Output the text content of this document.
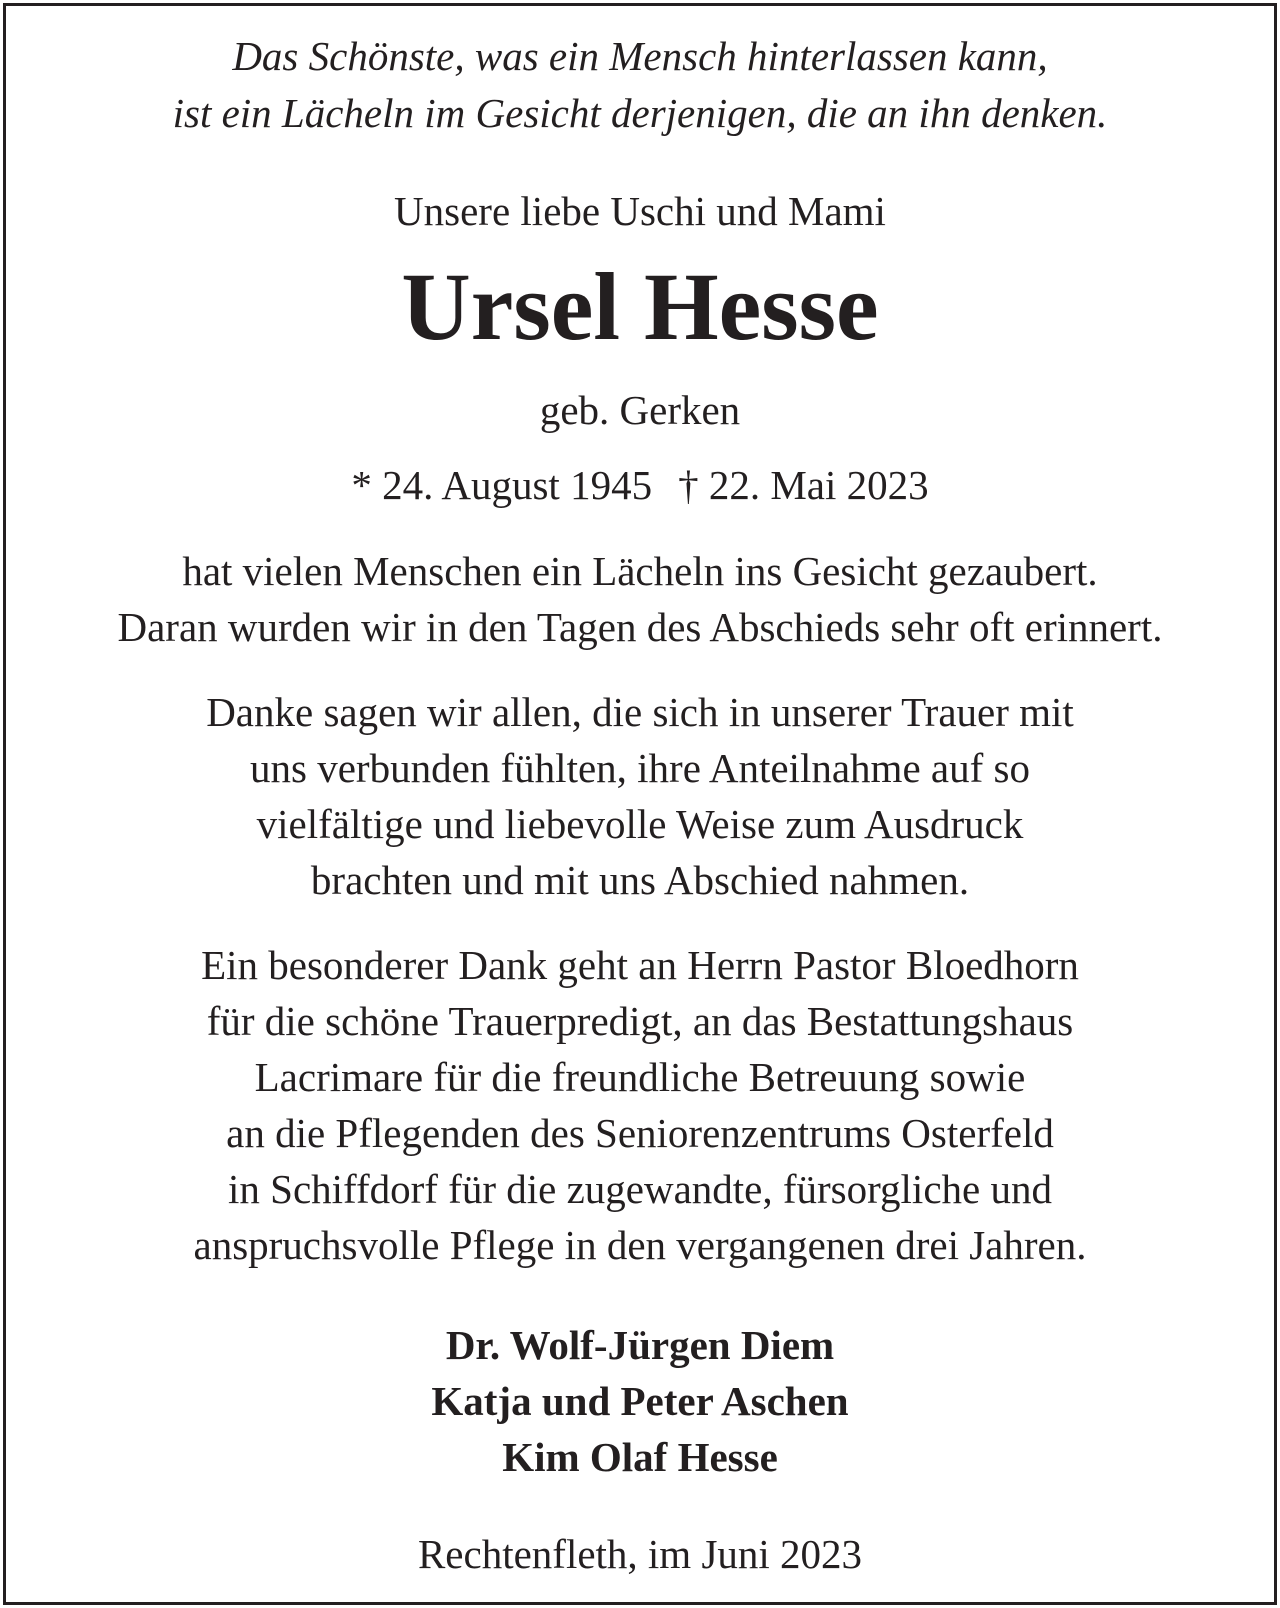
Das Schönste, was ein Mensch hinterlassen kann,
ist ein Lächeln im Gesicht derjenigen, die an ihn denken.
Unsere liebe Uschi und Mami
Ursel Hesse
geb. Gerken
* 24. August 1945 † 22. Mai 2023
hat vielen Menschen ein Lächeln ins Gesicht gezaubert.
Daran wurden wir in den Tagen des Abschieds sehr oft erinnert.
Danke sagen wir allen, die sich in unserer Trauer mit
uns verbunden fühlten, ihre Anteilnahme auf so
vielfältige und liebevolle Weise zum Ausdruck
brachten und mit uns Abschied nahmen.
Ein besonderer Dank geht an Herrn Pastor Bloedhorn
für die schöne Trauerpredigt, an das Bestattungshaus
Lacrimare für die freundliche Betreuung sowie
an die Pflegenden des Seniorenzentrums Osterfeld
in Schiffdorf für die zugewandte, fürsorgliche und
anspruchsvolle Pflege in den vergangenen drei Jahren.
Dr. Wolf-Jürgen Diem
Katja und Peter Aschen
Kim Olaf Hesse
Rechtenfleth, im Juni 2023
